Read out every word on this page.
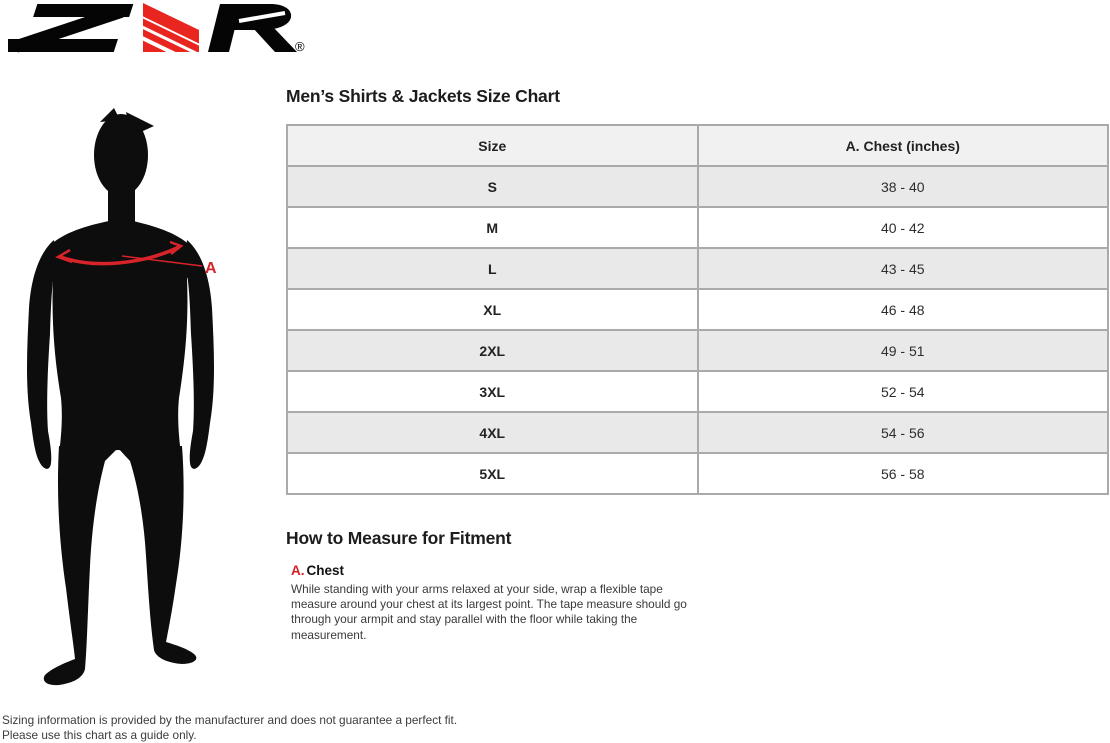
®
A
Men’s Shirts & Jackets Size Chart
Size	A. Chest (inches)
S	38 - 40
M	40 - 42
L	43 - 45
XL	46 - 48
2XL	49 - 51
3XL	52 - 54
4XL	54 - 56
5XL	56 - 58
How to Measure for Fitment
A. Chest

While standing with your arms relaxed at your side, wrap a flexible tape measure around your chest at its largest point. The tape measure should go through your armpit and stay parallel with the floor while taking the measurement.

Sizing information is provided by the manufacturer and does not guarantee a perfect fit.

Please use this chart as a guide only.
